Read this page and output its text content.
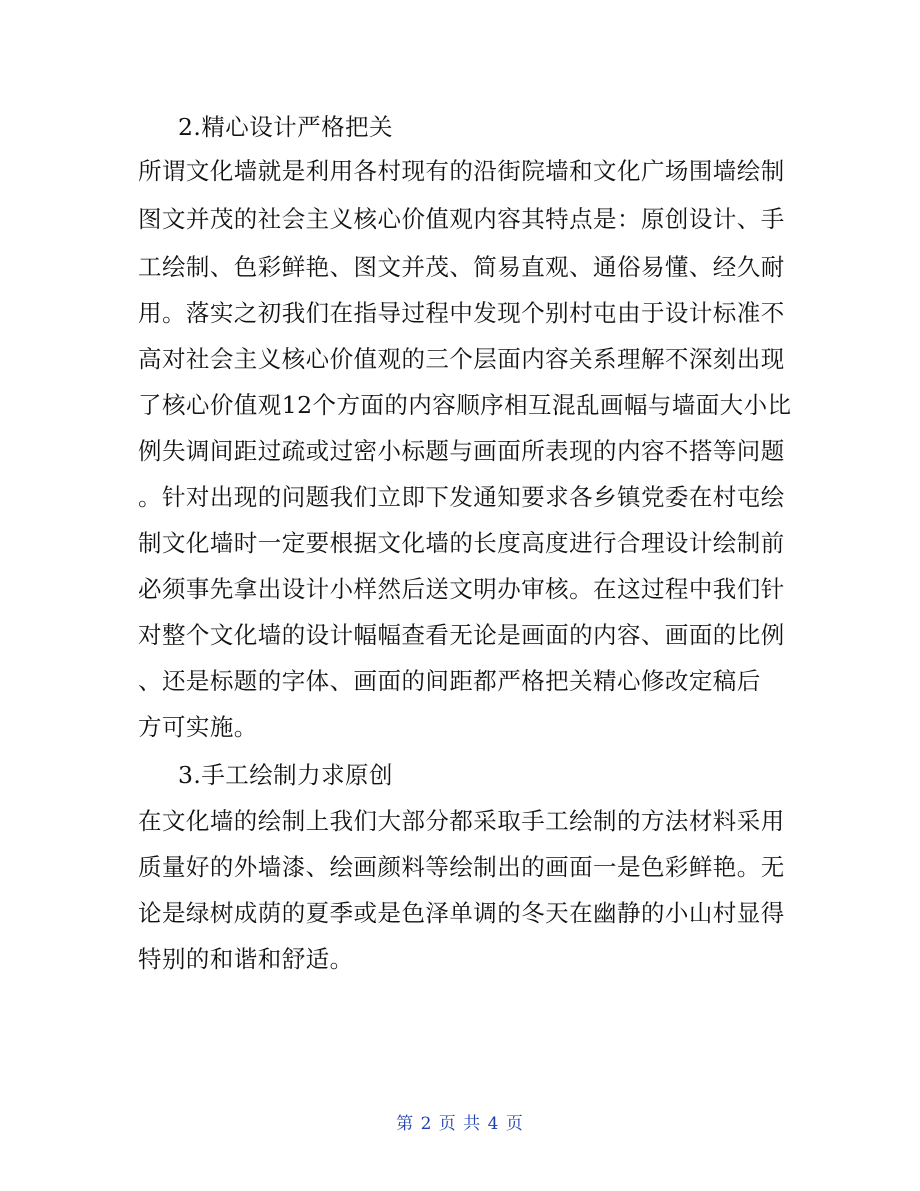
2.精心设计严格把关
所谓文化墙就是利用各村现有的沿街院墙和文化广场围墙绘制
图文并茂的社会主义核心价值观内容其特点是：原创设计、手
工绘制、色彩鲜艳、图文并茂、简易直观、通俗易懂、经久耐
用。落实之初我们在指导过程中发现个别村屯由于设计标准不
高对社会主义核心价值观的三个层面内容关系理解不深刻出现
了核心价值观12个方面的内容顺序相互混乱画幅与墙面大小比
例失调间距过疏或过密小标题与画面所表现的内容不搭等问题
。针对出现的问题我们立即下发通知要求各乡镇党委在村屯绘
制文化墙时一定要根据文化墙的长度高度进行合理设计绘制前
必须事先拿出设计小样然后送文明办审核。在这过程中我们针
对整个文化墙的设计幅幅查看无论是画面的内容、画面的比例
、还是标题的字体、画面的间距都严格把关精心修改定稿后
方可实施。
3.手工绘制力求原创
在文化墙的绘制上我们大部分都采取手工绘制的方法材料采用
质量好的外墙漆、绘画颜料等绘制出的画面一是色彩鲜艳。无
论是绿树成荫的夏季或是色泽单调的冬天在幽静的小山村显得
特别的和谐和舒适。
第 2 页 共 4 页
